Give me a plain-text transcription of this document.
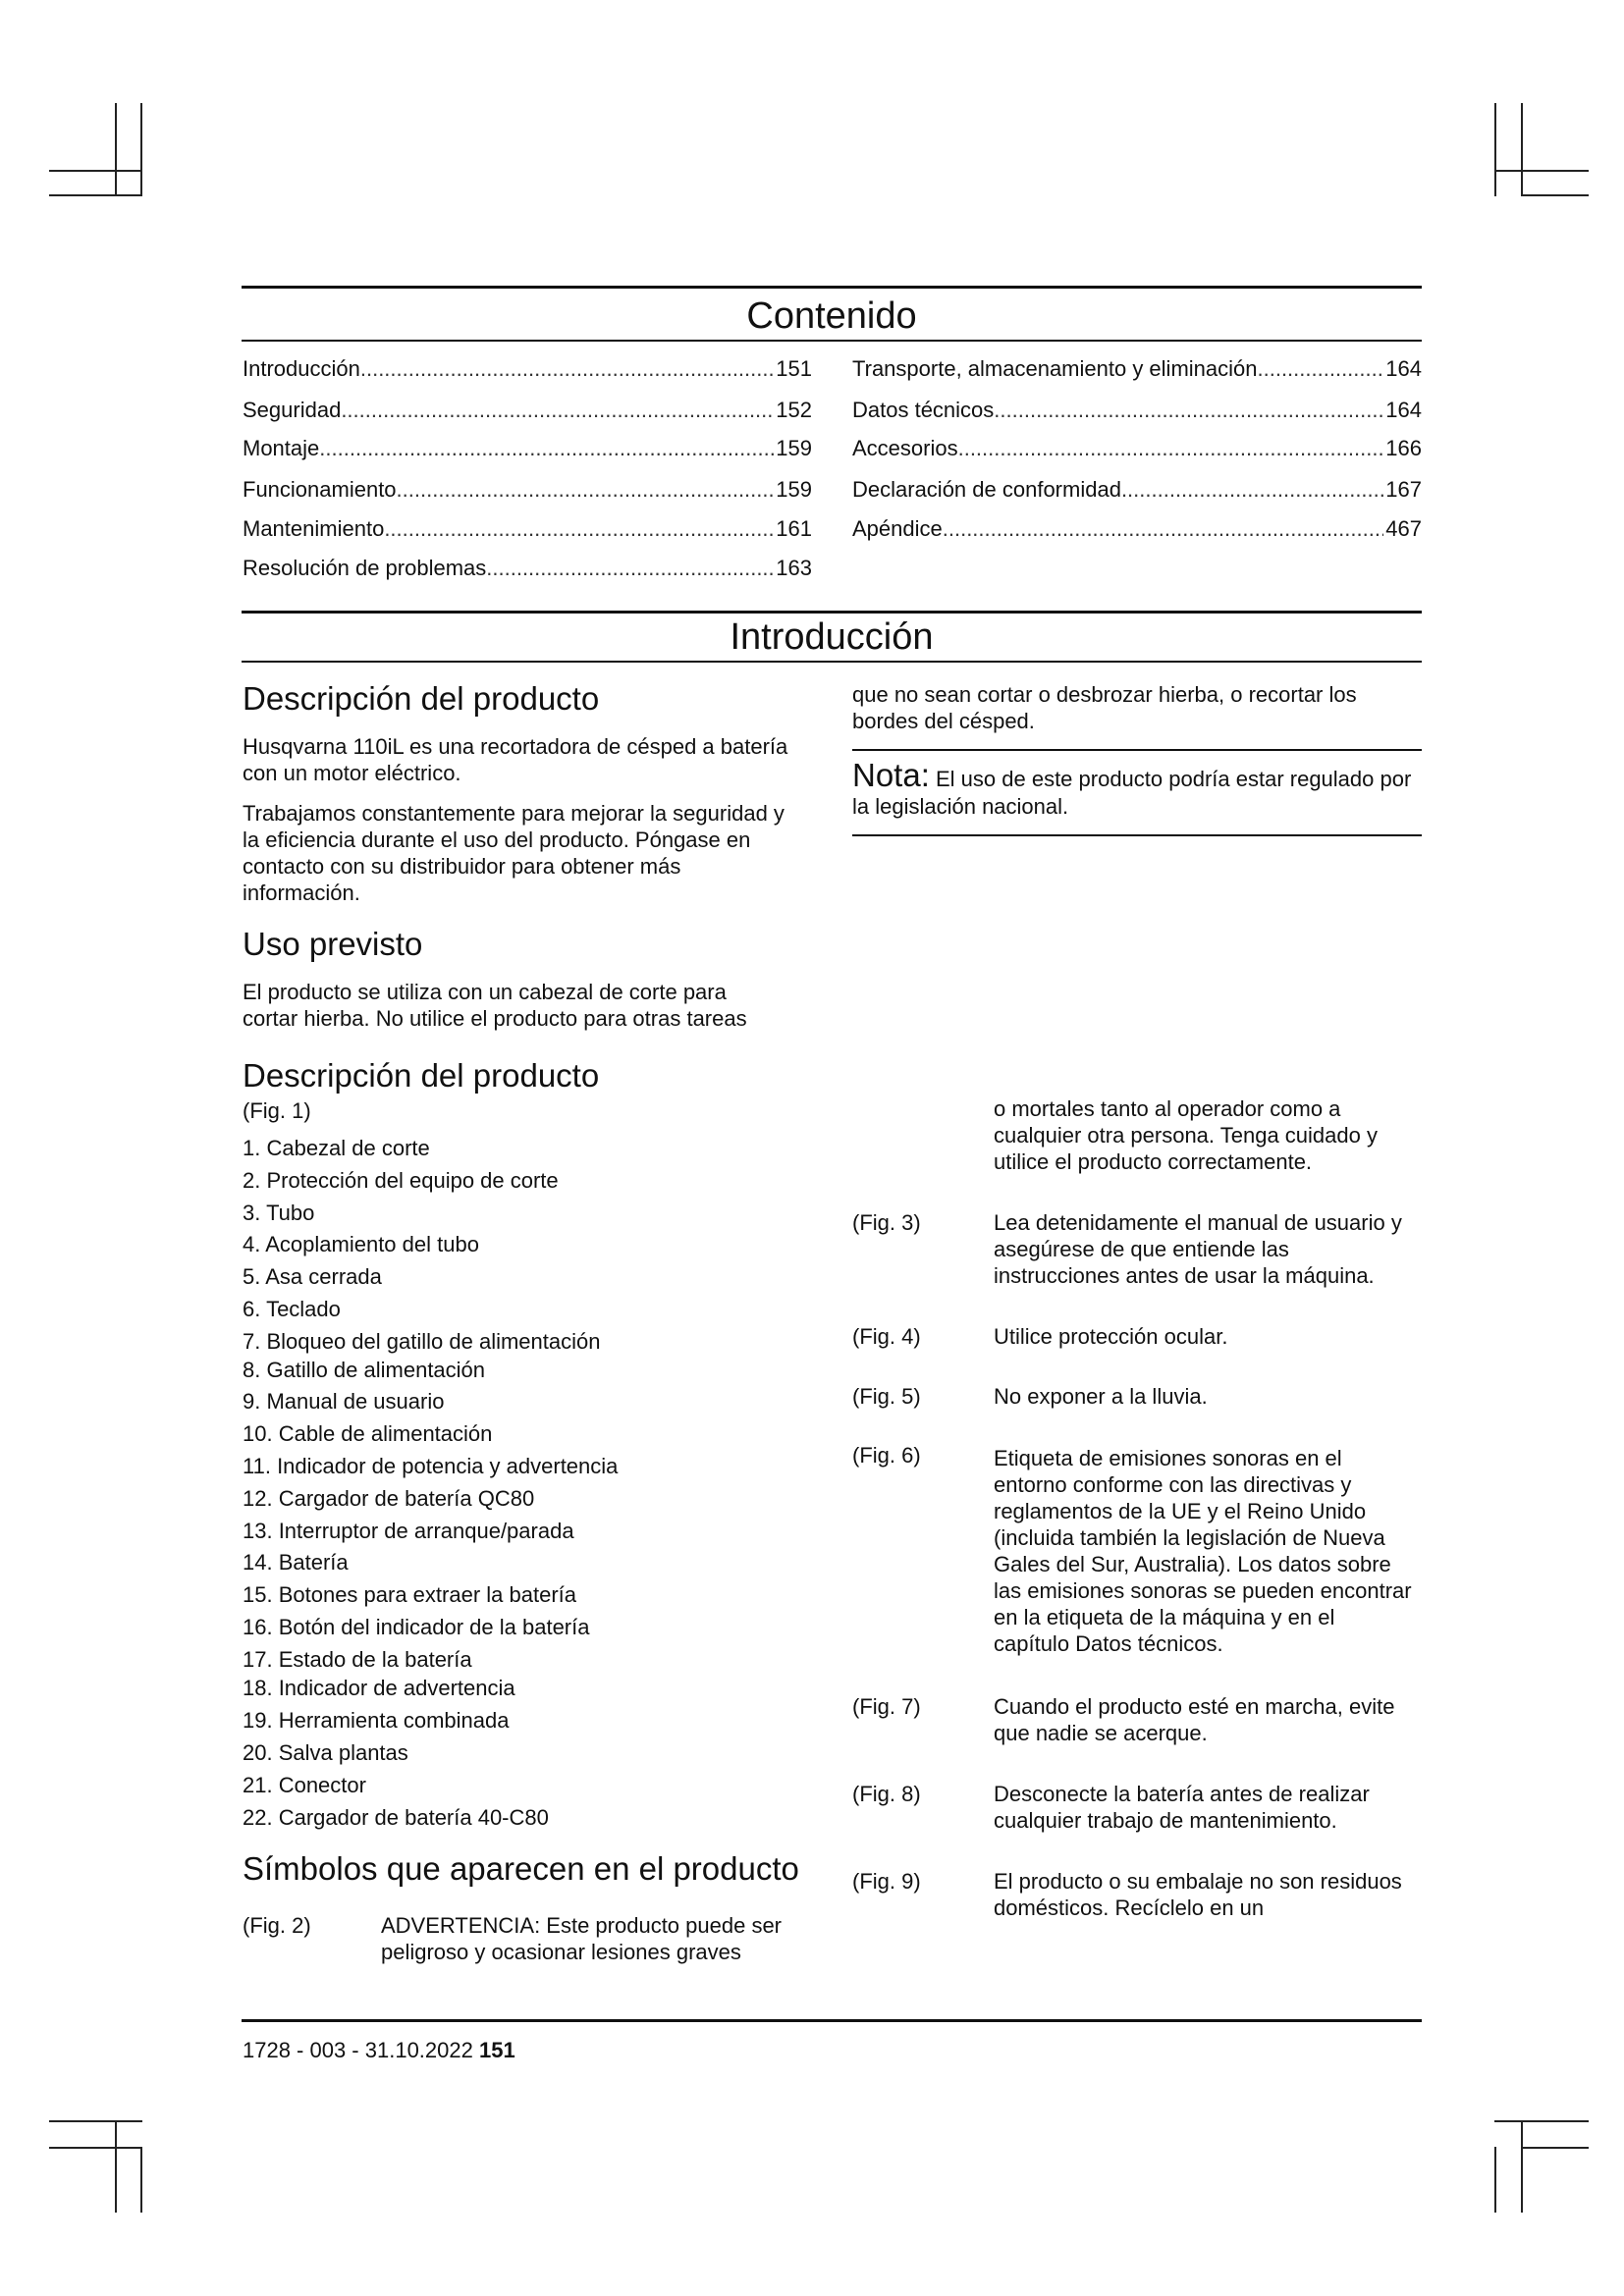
Contenido
Introducción .....	151
Seguridad .....	152
Montaje .....	159
Funcionamiento .....	159
Mantenimiento .....	161
Resolución de problemas .....	163
Transporte, almacenamiento y eliminación .....	164
Datos técnicos .....	164
Accesorios .....	166
Declaración de conformidad .....	167
Apéndice .....	467
Introducción
Descripción del producto
Husqvarna 110iL es una recortadora de césped a batería con un motor eléctrico.
Trabajamos constantemente para mejorar la seguridad y la eficiencia durante el uso del producto. Póngase en contacto con su distribuidor para obtener más información.
Uso previsto
El producto se utiliza con un cabezal de corte para cortar hierba. No utilice el producto para otras tareas
que no sean cortar o desbrozar hierba, o recortar los bordes del césped.
Nota: El uso de este producto podría estar regulado por la legislación nacional.
Descripción del producto
(Fig. 1)
1. Cabezal de corte
2. Protección del equipo de corte
3. Tubo
4. Acoplamiento del tubo
5. Asa cerrada
6. Teclado
7. Bloqueo del gatillo de alimentación
8. Gatillo de alimentación
9. Manual de usuario
10. Cable de alimentación
11. Indicador de potencia y advertencia
12. Cargador de batería QC80
13. Interruptor de arranque/parada
14. Batería
15. Botones para extraer la batería
16. Botón del indicador de la batería
17. Estado de la batería
18. Indicador de advertencia
19. Herramienta combinada
20. Salva plantas
21. Conector
22. Cargador de batería 40-C80
Símbolos que aparecen en el producto
(Fig. 2)	ADVERTENCIA: Este producto puede ser peligroso y ocasionar lesiones graves
o mortales tanto al operador como a cualquier otra persona. Tenga cuidado y utilice el producto correctamente.
(Fig. 3)	Lea detenidamente el manual de usuario y asegúrese de que entiende las instrucciones antes de usar la máquina.
(Fig. 4)	Utilice protección ocular.
(Fig. 5)	No exponer a la lluvia.
(Fig. 6)	Etiqueta de emisiones sonoras en el entorno conforme con las directivas y reglamentos de la UE y el Reino Unido (incluida también la legislación de Nueva Gales del Sur, Australia). Los datos sobre las emisiones sonoras se pueden encontrar en la etiqueta de la máquina y en el capítulo Datos técnicos.
(Fig. 7)	Cuando el producto esté en marcha, evite que nadie se acerque.
(Fig. 8)	Desconecte la batería antes de realizar cualquier trabajo de mantenimiento.
(Fig. 9)	El producto o su embalaje no son residuos domésticos. Recíclelo en un
1728 - 003 - 31.10.2022 151
